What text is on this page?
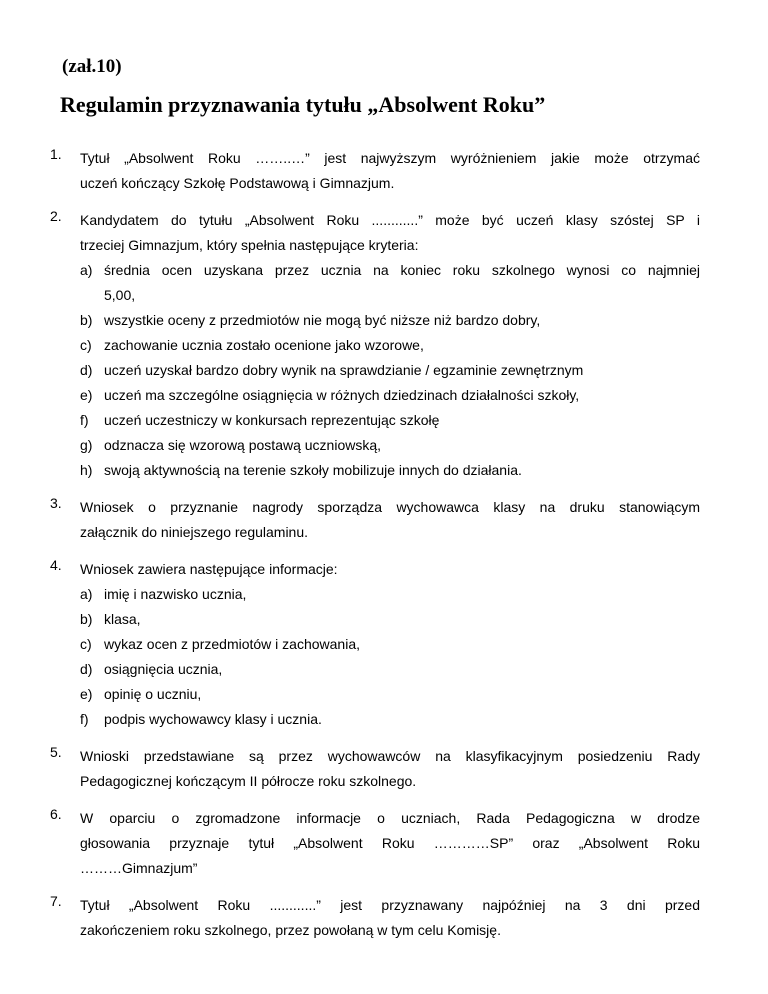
(zał.10)
Regulamin przyznawania tytułu „Absolwent Roku”
1.	Tytuł „Absolwent Roku ……..…” jest najwyższym wyróżnieniem jakie może otrzymać
uczeń kończący Szkołę Podstawową i Gimnazjum.
2.	Kandydatem do tytułu „Absolwent Roku ............” może być uczeń klasy szóstej SP i
trzeciej Gimnazjum, który spełnia następujące kryteria:
a) średnia ocen uzyskana przez ucznia na koniec roku szkolnego wynosi co najmniej
5,00,
b) wszystkie oceny z przedmiotów nie mogą być niższe niż bardzo dobry,
c) zachowanie ucznia zostało ocenione jako wzorowe,
d) uczeń uzyskał bardzo dobry wynik na sprawdzianie / egzaminie zewnętrznym
e) uczeń ma szczególne osiągnięcia w różnych dziedzinach działalności szkoły,
f)	uczeń uczestniczy w konkursach reprezentując szkołę
g) odznacza się wzorową postawą uczniowską,
h) swoją aktywnością na terenie szkoły mobilizuje innych do działania.
3.	Wniosek o przyznanie nagrody sporządza wychowawca klasy na druku stanowiącym
załącznik do niniejszego regulaminu.
4.	Wniosek zawiera następujące informacje:
a) imię i nazwisko ucznia,
b) klasa,
c) wykaz ocen z przedmiotów i zachowania,
d) osiągnięcia ucznia,
e) opinię o uczniu,
f)	podpis wychowawcy klasy i ucznia.
5.	Wnioski przedstawiane są przez wychowawców na klasyfikacyjnym posiedzeniu Rady
Pedagogicznej kończącym II półrocze roku szkolnego.
6.	W oparciu o zgromadzone informacje o uczniach, Rada Pedagogiczna w drodze
głosowania przyznaje tytuł „Absolwent Roku …………SP” oraz „Absolwent Roku
………Gimnazjum”
7.	Tytuł „Absolwent Roku ............” jest przyznawany najpóźniej na 3 dni przed
zakończeniem roku szkolnego, przez powołaną w tym celu Komisję.
